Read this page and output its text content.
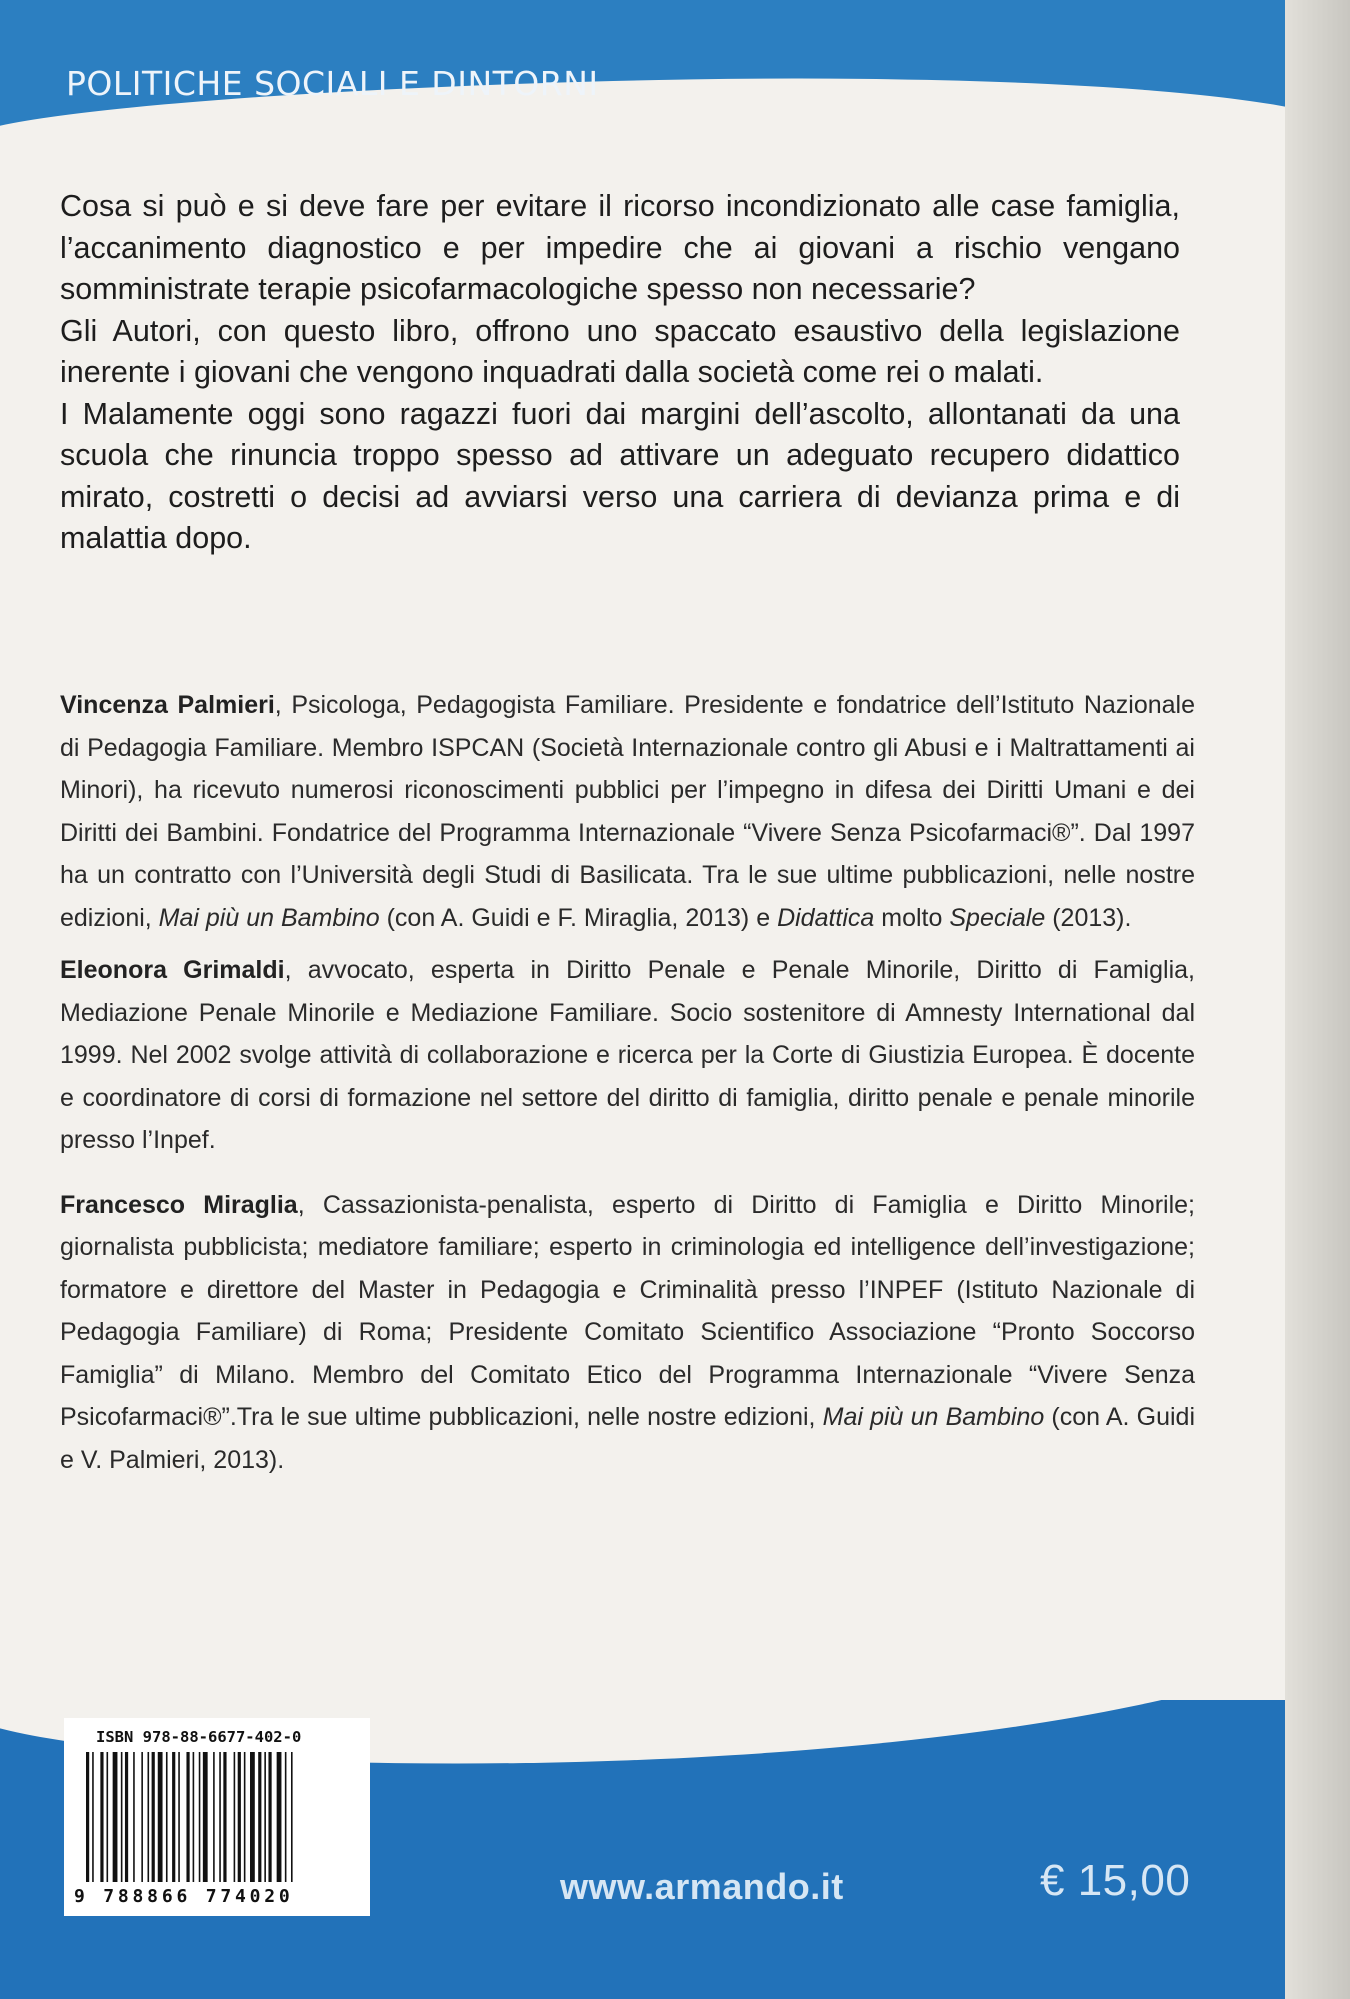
POLITICHE SOCIALI E DINTORNI

Cosa si può e si deve fare per evitare il ricorso incondizionato alle case famiglia, l’accanimento diagnostico e per impedire che ai giovani a rischio vengano somministrate terapie psicofarmacologiche spesso non necessarie?

Gli Autori, con questo libro, offrono uno spaccato esaustivo della legislazione inerente i giovani che vengono inquadrati dalla società come rei o malati.

I Malamente oggi sono ragazzi fuori dai margini dell’ascolto, allontanati da una scuola che rinuncia troppo spesso ad attivare un adeguato recupero didattico mirato, costretti o decisi ad avviarsi verso una carriera di devianza prima e di malattia dopo.

Vincenza Palmieri, Psicologa, Pedagogista Familiare. Presidente e fondatrice dell’Istituto Nazionale di Pedagogia Familiare. Membro ISPCAN (Società Internazionale contro gli Abusi e i Maltrattamenti ai Minori), ha ricevuto numerosi riconoscimenti pubblici per l’impegno in difesa dei Diritti Umani e dei Diritti dei Bambini. Fondatrice del Programma Internazionale “Vivere Senza Psicofarmaci®”. Dal 1997 ha un contratto con l’Università degli Studi di Basilicata. Tra le sue ultime pubblicazioni, nelle nostre edizioni, Mai più un Bambino (con A. Guidi e F. Miraglia, 2013) e Didattica molto Speciale (2013).

Eleonora Grimaldi, avvocato, esperta in Diritto Penale e Penale Minorile, Diritto di Famiglia, Mediazione Penale Minorile e Mediazione Familiare. Socio sostenitore di Amnesty International dal 1999. Nel 2002 svolge attività di collaborazione e ricerca per la Corte di Giustizia Europea. È docente e coordinatore di corsi di formazione nel settore del diritto di famiglia, diritto penale e penale minorile presso l’Inpef.

Francesco Miraglia, Cassazionista-penalista, esperto di Diritto di Famiglia e Diritto Minorile; giornalista pubblicista; mediatore familiare; esperto in criminologia ed intelligence dell’investigazione; formatore e direttore del Master in Pedagogia e Criminalità presso l’INPEF (Istituto Nazionale di Pedagogia Familiare) di Roma; Presidente Comitato Scientifico Associazione “Pronto Soccorso Famiglia” di Milano. Membro del Comitato Etico del Programma Internazionale “Vivere Senza Psicofarmaci®”.Tra le sue ultime pubblicazioni, nelle nostre edizioni, Mai più un Bambino (con A. Guidi e V. Palmieri, 2013).

ISBN 978-88-6677-402-0
9 788866 774020	www.armando.it	€ 15,00
